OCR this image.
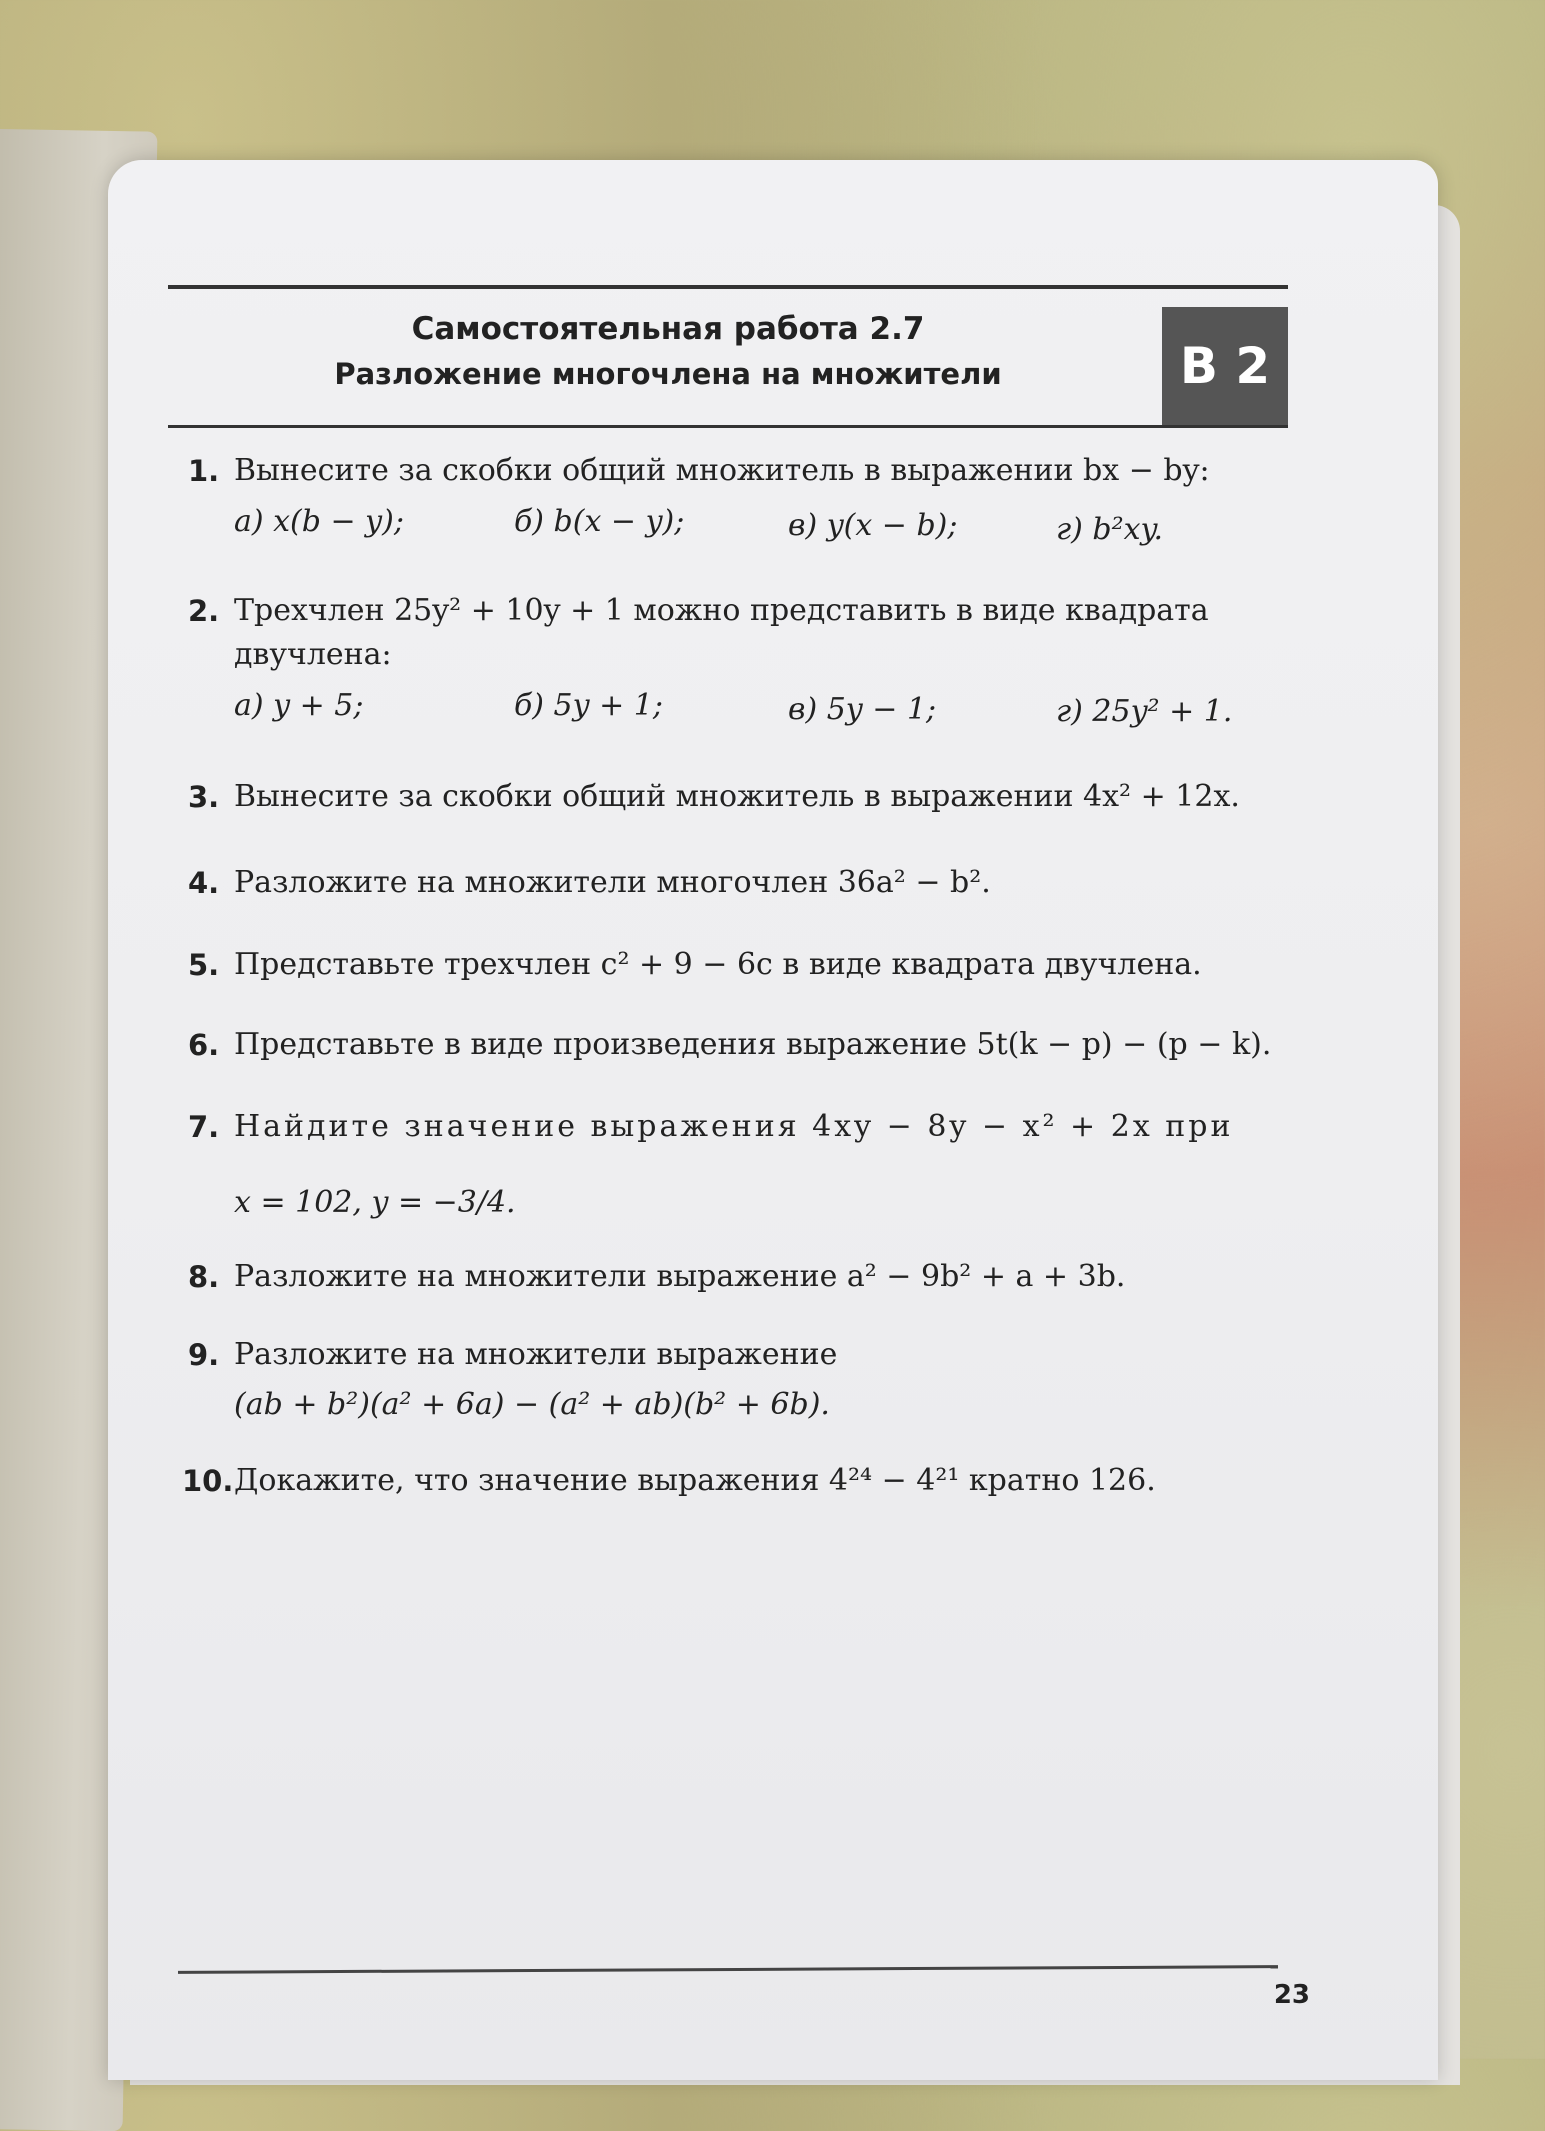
Самостоятельная работа 2.7
Разложение многочлена на множители	В 2
1. Вынесите за скобки общий множитель в выражении bx − by:
а) x(b − y);	б) b(x − y);	в) y(x − b);	г) b²xy.
2. Трехчлен 25y² + 10y + 1 можно представить в виде квадрата
двучлена:
а) y + 5;	б) 5y + 1;	в) 5y − 1;	г) 25y² + 1.
3. Вынесите за скобки общий множитель в выражении 4x² + 12x.
4. Разложите на множители многочлен 36a² − b².
5. Представьте трехчлен c² + 9 − 6c в виде квадрата двучлена.
6. Представьте в виде произведения выражение 5t(k − p) − (p − k).
7. Найдите значение выражения 4xy − 8y − x² + 2x при
x = 102, y = −3/4.
8. Разложите на множители выражение a² − 9b² + a + 3b.
9. Разложите на множители выражение
(ab + b²)(a² + 6a) − (a² + ab)(b² + 6b).
10. Докажите, что значение выражения 4²⁴ − 4²¹ кратно 126.
23
